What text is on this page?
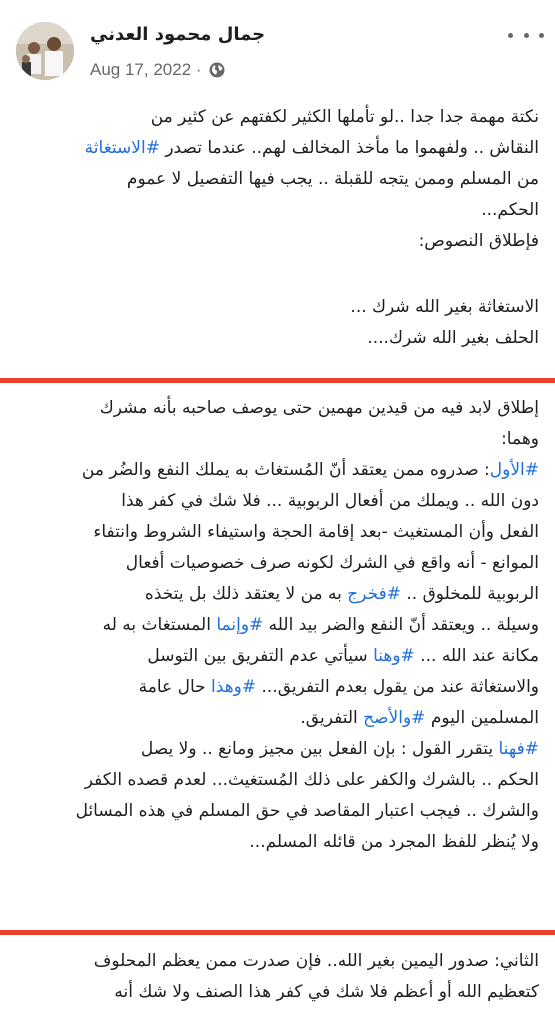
جمال محمود العدني
Aug 17, 2022 ·
نكتة مهمة جدا جدا ..لو تأملها الكثير لكفتهم عن كثير من
النقاش .. ولفهموا ما مأخذ المخالف لهم.. عندما تصدر #الاستغاثة
من المسلم وممن يتجه للقبلة .. يجب فيها التفصيل لا عموم
الحكم...
فإطلاق النصوص:
الاستغاثة بغير الله شرك ...
الحلف بغير الله شرك....
إطلاق لابد فيه من قيدين مهمين حتى يوصف صاحبه بأنه مشرك
وهما:
#الأول: صدروه ممن يعتقد أنّ المُستغاث به يملك النفع والضُر من
دون الله .. ويملك من أفعال الربوبية ... فلا شك في كفر هذا
الفعل وأن المستغيث -بعد إقامة الحجة واستيفاء الشروط وانتفاء
الموانع - أنه واقع في الشرك لكونه صرف خصوصيات أفعال
الربوبية للمخلوق .. #فخرج به من لا يعتقد ذلك بل يتخذه
وسيلة .. ويعتقد أنّ النفع والضر بيد الله #وإنما المستغاث به له
مكانة عند الله ... #وهنا سيأتي عدم التفريق بين التوسل
والاستغاثة عند من يقول بعدم التفريق... #وهذا حال عامة
المسلمين اليوم #والأصح التفريق.
#فهنا يتقرر القول : بإن الفعل بين مجيز ومانع .. ولا يصل
الحكم .. بالشرك والكفر على ذلك المُستغيث... لعدم قصده الكفر
والشرك .. فيجب اعتبار المقاصد في حق المسلم في هذه المسائل
ولا يُنظر للفظ المجرد من قائله المسلم...
الثاني: صدور اليمين بغير الله.. فإن صدرت ممن يعظم المحلوف
كتعظيم الله أو أعظم فلا شك في كفر هذا الصنف ولا شك أنه
